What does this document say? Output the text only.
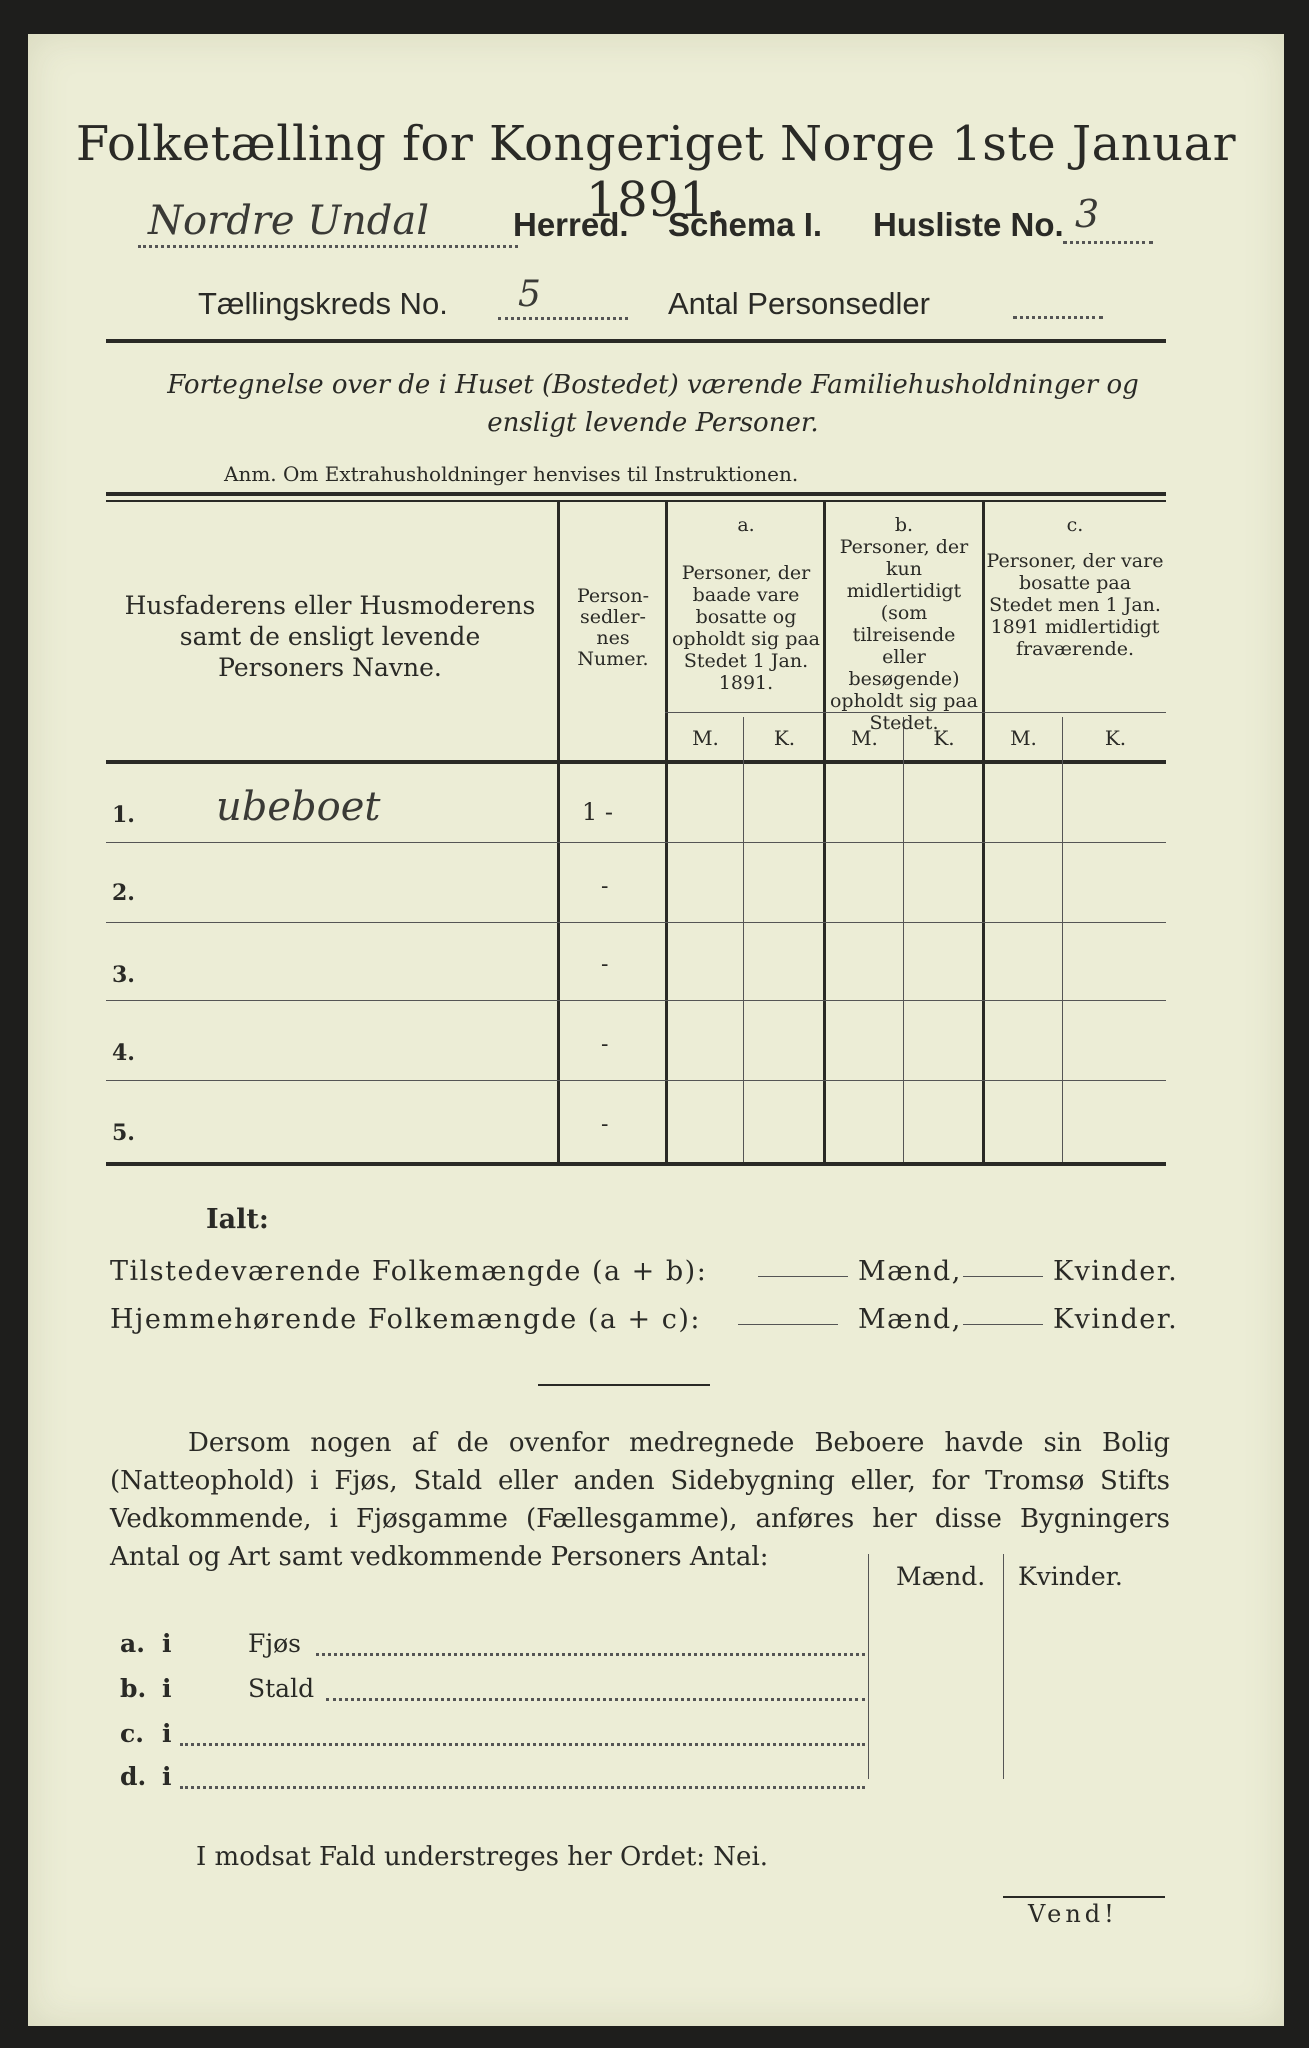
Folketælling for Kongeriget Norge 1ste Januar 1891.
Nordre Undal	Herred. Schema I. Husliste No. 3
Tællingskreds No. 5	Antal Personsedler
Fortegnelse over de i Huset (Bostedet) værende Familiehusholdninger og ensligt levende Personer.
Anm. Om Extrahusholdninger henvises til Instruktionen.
Husfaderens eller Husmoderens samt de ensligt levende Personers Navne.
Person-sedler-nes Numer.
a.
Personer, der baade vare bosatte og opholdt sig paa Stedet 1 Jan. 1891.
b.
Personer, der kun midlertidigt (som tilreisende eller besøgende) opholdt sig paa Stedet.
c.
Personer, der vare bosatte paa Stedet men 1 Jan. 1891 midlertidigt fraværende.
M.	K.	M.	K.	M.	K.
1. ubeboet	1 -
2.	-
3.	-
4.	-
5.	-
Ialt:
Tilstedeværende Folkemængde (a + b):	Mænd,	Kvinder.
Hjemmehørende Folkemængde (a + c):	Mænd,	Kvinder.
Dersom nogen af de ovenfor medregnede Beboere havde sin Bolig (Natteophold) i Fjøs, Stald eller anden Sidebygning eller, for Tromsø Stifts Vedkommende, i Fjøsgamme (Fællesgamme), anføres her disse Bygningers Antal og Art samt vedkommende Personers Antal:
Mænd. Kvinder.
a. i	Fjøs
b. i	Stald
c. i
d. i
I modsat Fald understreges her Ordet: Nei.
Vend!
